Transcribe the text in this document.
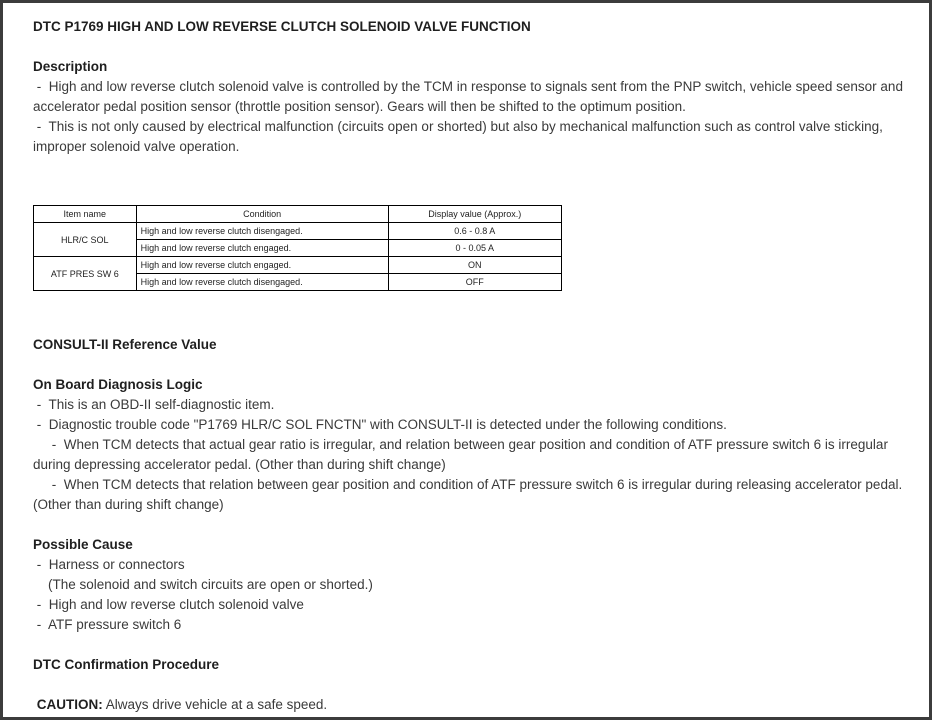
DTC P1769 HIGH AND LOW REVERSE CLUTCH SOLENOID VALVE FUNCTION

Description

-  High and low reverse clutch solenoid valve is controlled by the TCM in response to signals sent from the PNP switch, vehicle speed sensor and accelerator pedal position sensor (throttle position sensor). Gears will then be shifted to the optimum position.

-  This is not only caused by electrical malfunction (circuits open or shorted) but also by mechanical malfunction such as control valve sticking, improper solenoid valve operation.

Item name	Condition	Display value (Approx.)
HLR/C SOL	High and low reverse clutch disengaged.	0.6 - 0.8 A
	High and low reverse clutch engaged.	0 - 0.05 A
ATF PRES SW 6	High and low reverse clutch engaged.	ON
	High and low reverse clutch disengaged.	OFF

CONSULT-II Reference Value

On Board Diagnosis Logic

-  This is an OBD-II self-diagnostic item.

-  Diagnostic trouble code "P1769 HLR/C SOL FNCTN" with CONSULT-II is detected under the following conditions.

-  When TCM detects that actual gear ratio is irregular, and relation between gear position and condition of ATF pressure switch 6 is irregular during depressing accelerator pedal. (Other than during shift change)

-  When TCM detects that relation between gear position and condition of ATF pressure switch 6 is irregular during releasing accelerator pedal. (Other than during shift change)

Possible Cause

-  Harness or connectors

(The solenoid and switch circuits are open or shorted.)

-  High and low reverse clutch solenoid valve

-  ATF pressure switch 6

DTC Confirmation Procedure

CAUTION: Always drive vehicle at a safe speed.
